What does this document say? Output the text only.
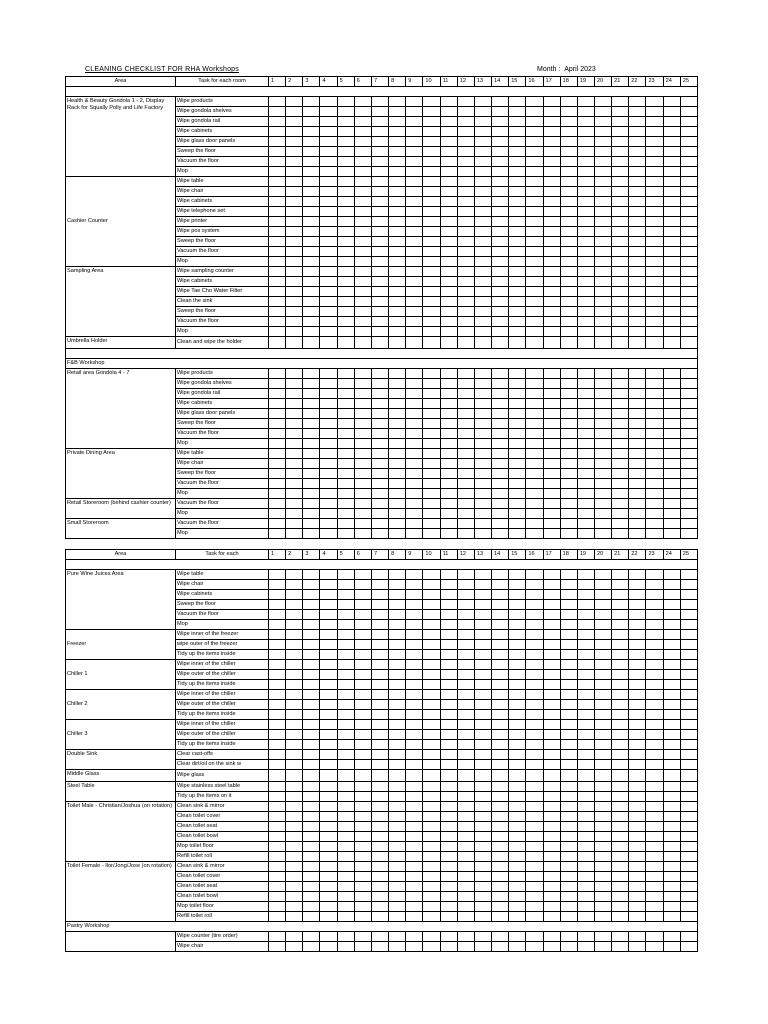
CLEANING CHECKLIST FOR RHA Workshops	Month : April 2023
Area	Task for each room	1	2	3	4	5	6	7	8	9	10	11	12	13	14	15	16	17	18	19	20	21	22	23	24	25

Health & Beauty Gondola 1 - 2, Display Rack for Squally Polly and Life Factory	Wipe products																									
	Wipe gondola shelves																									
	Wipe gondola rail																									
	Wipe cabinets																									
	Wipe glass door panels																									
	Sweep the floor																									
	Vacuum the floor																									
	Mop																									
Cashier Counter	Wipe table																									
	Wipe chair																									
	Wipe cabinets																									
	Wipe telephone set																									
	Wipe printer																									
	Wipe pos system																									
	Sweep the floor																									
	Vacuum the floor																									
	Mop																									
Sampling Area	Wipe sampling counter																									
	Wipe cabinets																									
	Wipe Tae Cho Water Filter																									
	Clean the sink																									
	Sweep the floor																									
	Vacuum the floor																									
	Mop																									
Umbrella Holder	Clean and wipe the holder																									

F&B Workshop																										
Retail area Gondola 4 - 7	Wipe products																									
	Wipe gondola shelves																									
	Wipe gondola rail																									
	Wipe cabinets																									
	Wipe glass door panels																									
	Sweep the floor																									
	Vacuum the floor																									
	Mop																									
Private Dining Area	Wipe table																									
	Wipe chair																									
	Sweep the floor																									
	Vacuum the floor																									
	Mop																									
Retail Storeroom (behind cashier counter)	Vacuum the floor																									
	Mop																									
Small Storeroom	Vacuum the floor																									
	Mop																									
Area	Task for each	1	2	3	4	5	6	7	8	9	10	11	12	13	14	15	16	17	18	19	20	21	22	23	24	25

Pure Wine Juices Area	Wipe table																									
	Wipe chair																									
	Wipe cabinets																									
	Sweep the floor																									
	Vacuum the floor																									
	Mop																									
Freezer	Wipe inner of the freezer																									
	wipe outer of the freezer																									
	Tidy up the items inside																									
Chiller 1	Wipe inner of the chiller																									
	Wipe outer of the chiller																									
	Tidy up the items inside																									
Chiller 2	Wipe inner of the chiller																									
	Wipe outer of the chiller																									
	Tidy up the items inside																									
Chiller 3	Wipe inner of the chiller																									
	Wipe outer of the chiller																									
	Tidy up the items inside																									
Double Sink	Clear cast-offs																									
	Clear dirt/oil on the sink w																									
Middle Glass	Wipe glass																									
Steel Table	Wipe stainless steel table																									
	Tidy up the items on it																									
Toilet Male - Christian/Joshua (on rotation)	Clean sink & mirror																									
	Clean toilet cover																									
	Clean toilet seat																									
	Clean toilet bowl																									
	Mop toilet floor																									
	Refill toilet roll																									
Toilet Female - Ilor/Jong/Jose (on rotation)	Clean sink & mirror																									
	Clean toilet cover																									
	Clean toilet seat																									
	Clean toilet bowl																									
	Mop toilet floor																									
	Refill toilet roll																									
Pastry Workshop																										
	Wipe counter (tire order)																									
	Wipe chair																									
